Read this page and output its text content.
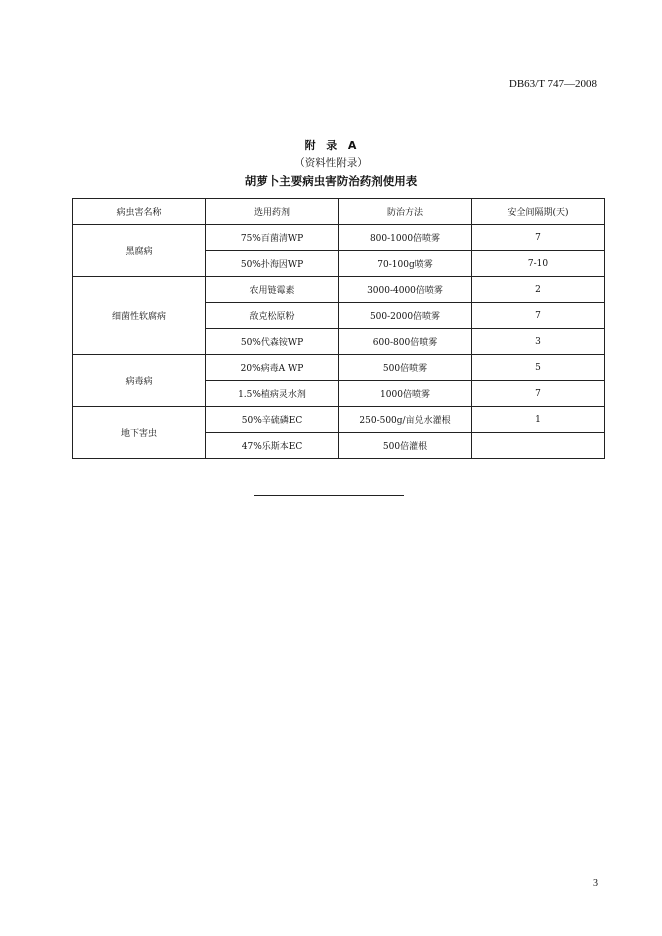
DB63/T 747—2008
附  录  A
（资料性附录）
胡萝卜主要病虫害防治药剂使用表
病虫害名称	选用药剂	防治方法	安全间隔期(天)
黑腐病	75%百菌清WP	800-1000倍喷雾	7
	50%扑海因WP	70-100g喷雾	7-10
细菌性软腐病	农用链霉素	3000-4000倍喷雾	2
	敌克松原粉	500-2000倍喷雾	7
	50%代森铵WP	600-800倍喷雾	3
病毒病	20%病毒A WP	500倍喷雾	5
	1.5%植病灵水剂	1000倍喷雾	7
地下害虫	50%辛硫磷EC	250-500g/亩兑水灌根	1
	47%乐斯本EC	500倍灌根	
3
